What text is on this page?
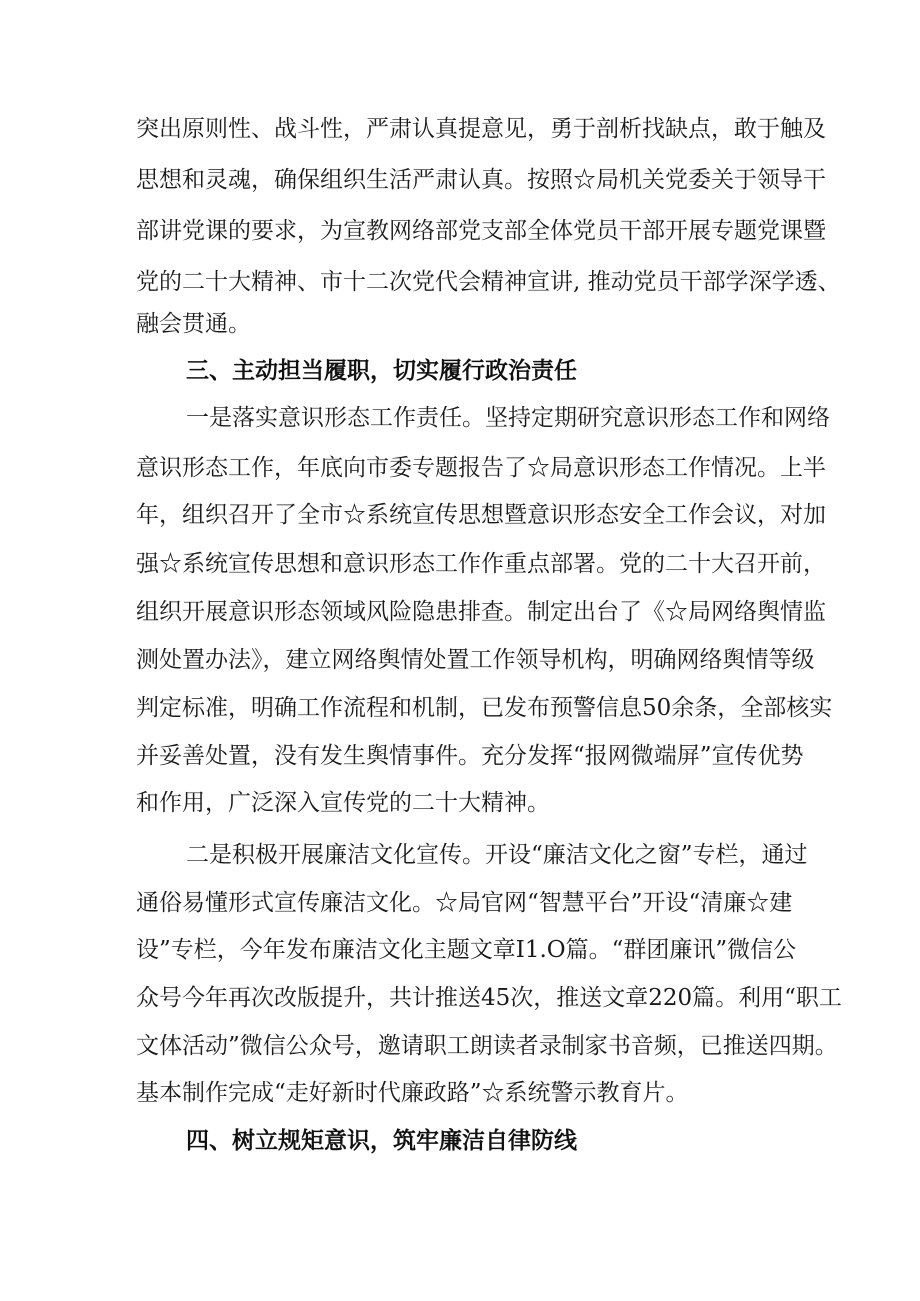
突出原则性、战斗性，严肃认真提意见，勇于剖析找缺点，敢于触及
思想和灵魂，确保组织生活严肃认真。按照☆局机关党委关于领导干
部讲党课的要求，为宣教网络部党支部全体党员干部开展专题党课暨
党的二十大精神、市十二次党代会精神宣讲, 推动党员干部学深学透、
融会贯通。
三、主动担当履职，切实履行政治责任
一是落实意识形态工作责任。坚持定期研究意识形态工作和网络
意识形态工作，年底向市委专题报告了☆局意识形态工作情况。上半
年，组织召开了全市☆系统宣传思想暨意识形态安全工作会议，对加
强☆系统宣传思想和意识形态工作作重点部署。党的二十大召开前，
组织开展意识形态领域风险隐患排查。制定出台了《☆局网络舆情监
测处置办法》，建立网络舆情处置工作领导机构，明确网络舆情等级
判定标准，明确工作流程和机制，已发布预警信息50余条，全部核实
并妥善处置，没有发生舆情事件。充分发挥“报网微端屏”宣传优势
和作用，广泛深入宣传党的二十大精神。
二是积极开展廉洁文化宣传。开设“廉洁文化之窗”专栏，通过
通俗易懂形式宣传廉洁文化。☆局官网“智慧平台”开设“清廉☆建
设”专栏，今年发布廉洁文化主题文章I1.O篇。“群团廉讯”微信公
众号今年再次改版提升，共计推送45次，推送文章220篇。利用“职工
文体活动”微信公众号，邀请职工朗读者录制家书音频，已推送四期。
基本制作完成“走好新时代廉政路”☆系统警示教育片。
四、树立规矩意识，筑牢廉洁自律防线
